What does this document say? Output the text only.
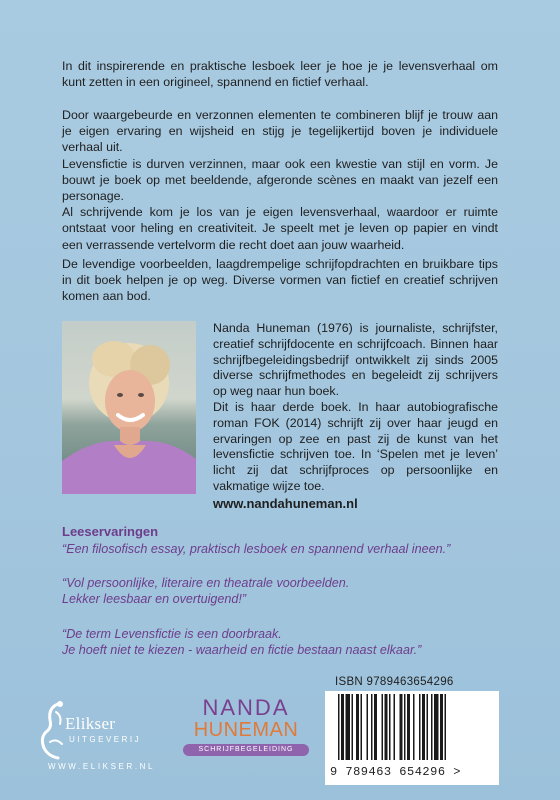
In dit inspirerende en praktische lesboek leer je hoe je je levensverhaal om kunt zetten in een origineel, spannend en fictief verhaal.

Door waargebeurde en verzonnen elementen te combineren blijf je trouw aan je eigen ervaring en wijsheid en stijg je tegelijkertijd boven je individuele verhaal uit.

Levensfictie is durven verzinnen, maar ook een kwestie van stijl en vorm. Je bouwt je boek op met beeldende, afgeronde scènes en maakt van jezelf een personage.

Al schrijvende kom je los van je eigen levensverhaal, waardoor er ruimte ontstaat voor heling en creativiteit. Je speelt met je leven op papier en vindt een verrassende vertelvorm die recht doet aan jouw waarheid.

De levendige voorbeelden, laagdrempelige schrijfopdrachten en bruikbare tips in dit boek helpen je op weg. Diverse vormen van fictief en creatief schrijven komen aan bod.

Nanda Huneman (1976) is journaliste, schrijfster, creatief schrijfdocente en schrijfcoach. Binnen haar schrijfbegeleidingsbedrijf ontwikkelt zij sinds 2005 diverse schrijfmethodes en begeleidt zij schrijvers op weg naar hun boek.

Dit is haar derde boek. In haar autobiografische roman FOK (2014) schrijft zij over haar jeugd en ervaringen op zee en past zij de kunst van het levensfictie schrijven toe. In ‘Spelen met je leven’ licht zij dat schrijfproces op persoonlijke en vakmatige wijze toe.

www.nandahuneman.nl

Leeservaringen

“Een filosofisch essay, praktisch lesboek en spannend verhaal ineen.”

“Vol persoonlijke, literaire en theatrale voorbeelden.

Lekker leesbaar en overtuigend!”

“De term Levensfictie is een doorbraak.

Je hoeft niet te kiezen - waarheid en fictie bestaan naast elkaar.”

Elikser
UITGEVERIJ
WWW.ELIKSER.NL
NANDA
HUNEMAN
SCHRIJFBEGELEIDING
ISBN 9789463654296
9 789463 654296 >
